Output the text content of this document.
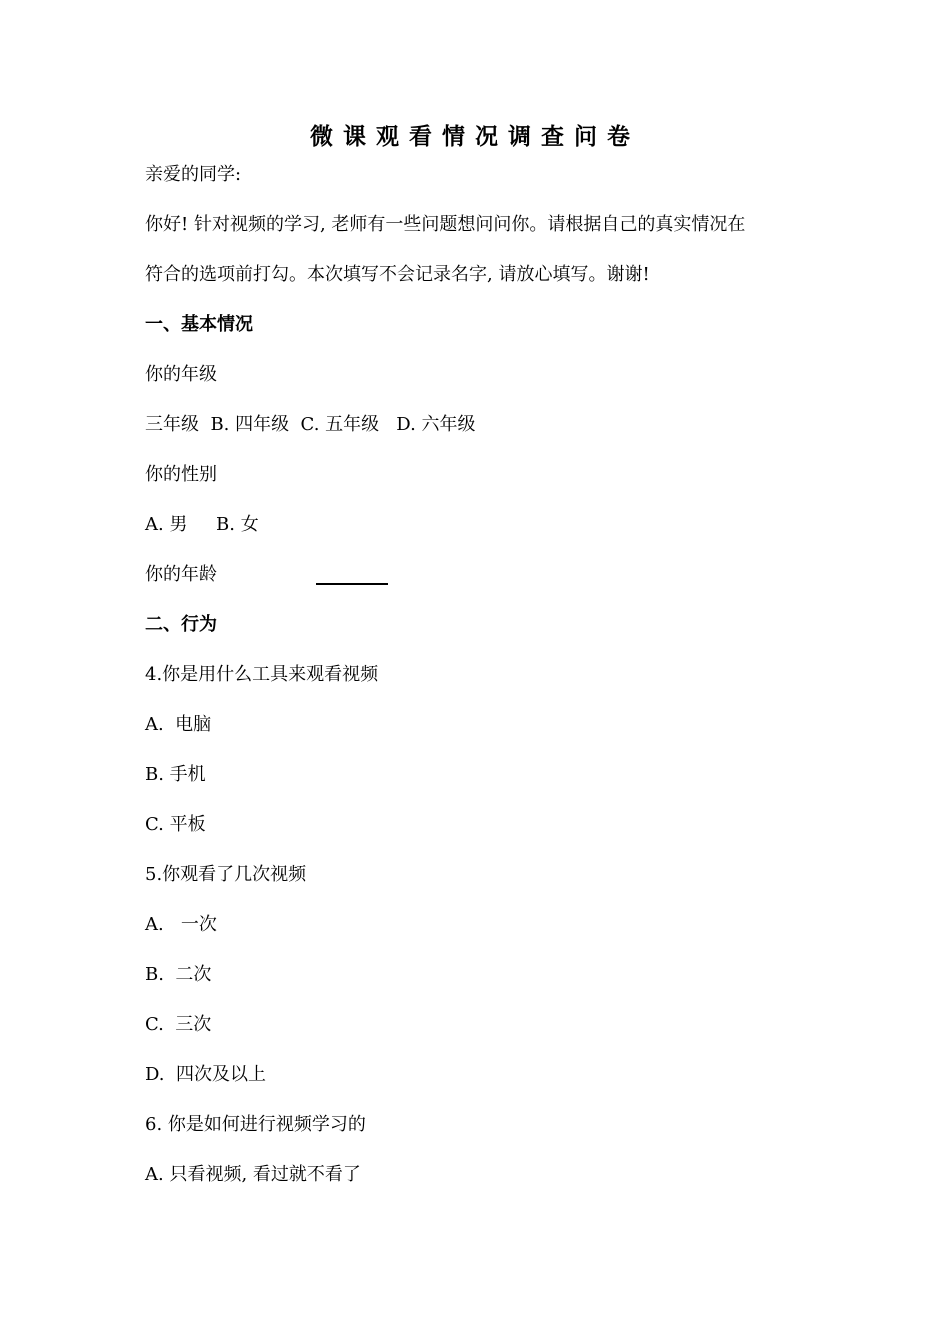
微课观看情况调查问卷
亲爱的同学:
你好! 针对视频的学习, 老师有一些问题想问问你。请根据自己的真实情况在
符合的选项前打勾。本次填写不会记录名字, 请放心填写。谢谢!
一、基本情况
你的年级
三年级  B. 四年级  C. 五年级   D. 六年级
你的性别
A. 男     B. 女
你的年龄
二、行为
4.你是用什么工具来观看视频
A.  电脑
B. 手机
C. 平板
5.你观看了几次视频
A.   一次
B.  二次
C.  三次
D.  四次及以上
6. 你是如何进行视频学习的
A. 只看视频, 看过就不看了
